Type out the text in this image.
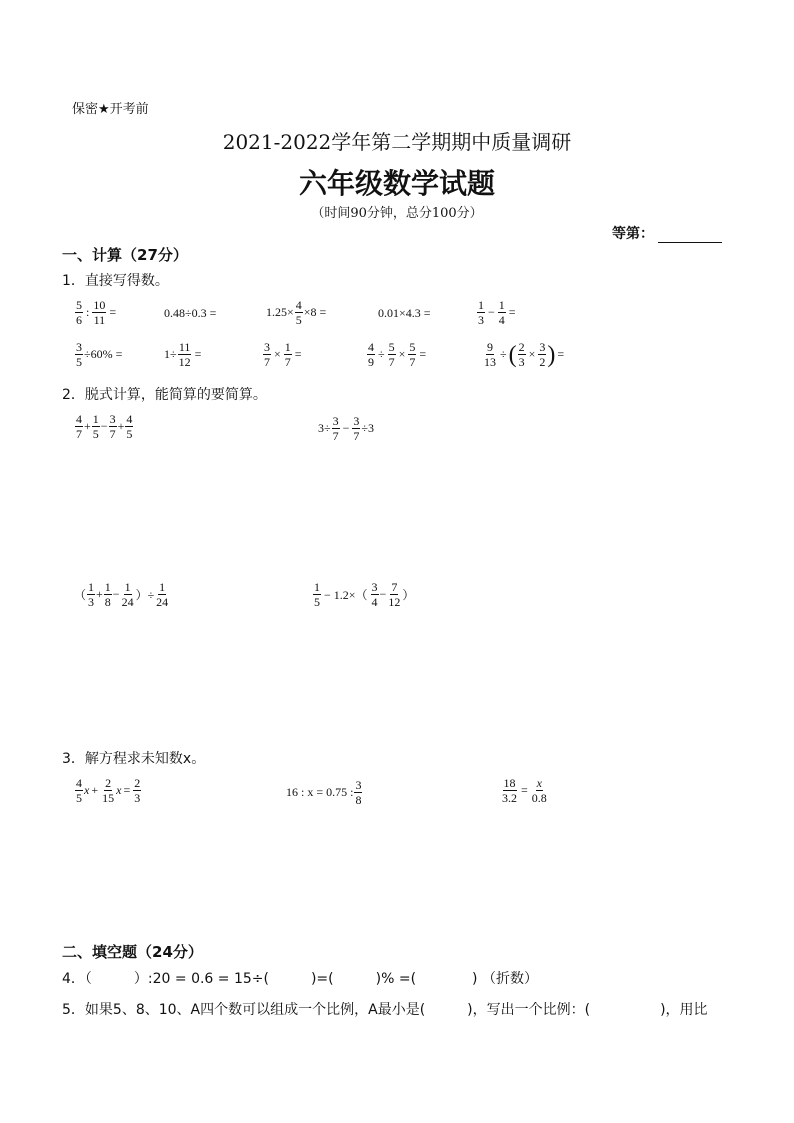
保密★开考前
2021-2022学年第二学期期中质量调研
六年级数学试题
（时间90分钟，总分100分）
等第：
一、计算（27分）
1．直接写得数。
$\frac{5}{6}$ : $\frac{10}{11}$ =	0.48÷0.3 =	$1.25\times \frac{4}{5} \times 8$ =	0.01×4.3 =	$\frac{1}{3} - \frac{1}{4}$ =
$\frac{3}{5} \div 60\%$ =	$1\div \frac{11}{12}$ =	$\frac{3}{7} \times \frac{1}{7}$ =	$\frac{4}{9} \div \frac{5}{7} \times \frac{5}{7}$ =	$\frac{9}{13}$ ÷ ( $\frac{2}{3} \times \frac{3}{2}$ ) =
2．脱式计算，能简算的要简算。
$\frac{4}{7} + \frac{1}{5} - \frac{3}{7} + \frac{4}{5}$	$3\div \frac{3}{7} - \frac{3}{7} \div 3$
（ $\frac{1}{3} + \frac{1}{8} - \frac{1}{24}$ ）÷ $\frac{1}{24}$	$\frac{1}{5} - 1.2\times( \frac{3}{4} - \frac{7}{12}$ ）
3．解方程求未知数x。
$\frac{4}{5}$ $x + \frac{2}{15}$ $x = \frac{2}{3}$	16 : x = 0.75 : $\frac{3}{8}$	$\frac{18}{3.2} = \frac{x}{0.8}$
二、填空题（24分）
4．（　　　）:20 = 0.6 = 15÷(　　　)=(　　　)% =(　　　　) （折数）
5．如果5、8、10、A四个数可以组成一个比例，A最小是(　　　)，写出一个比例：(　　　　　)，用比
